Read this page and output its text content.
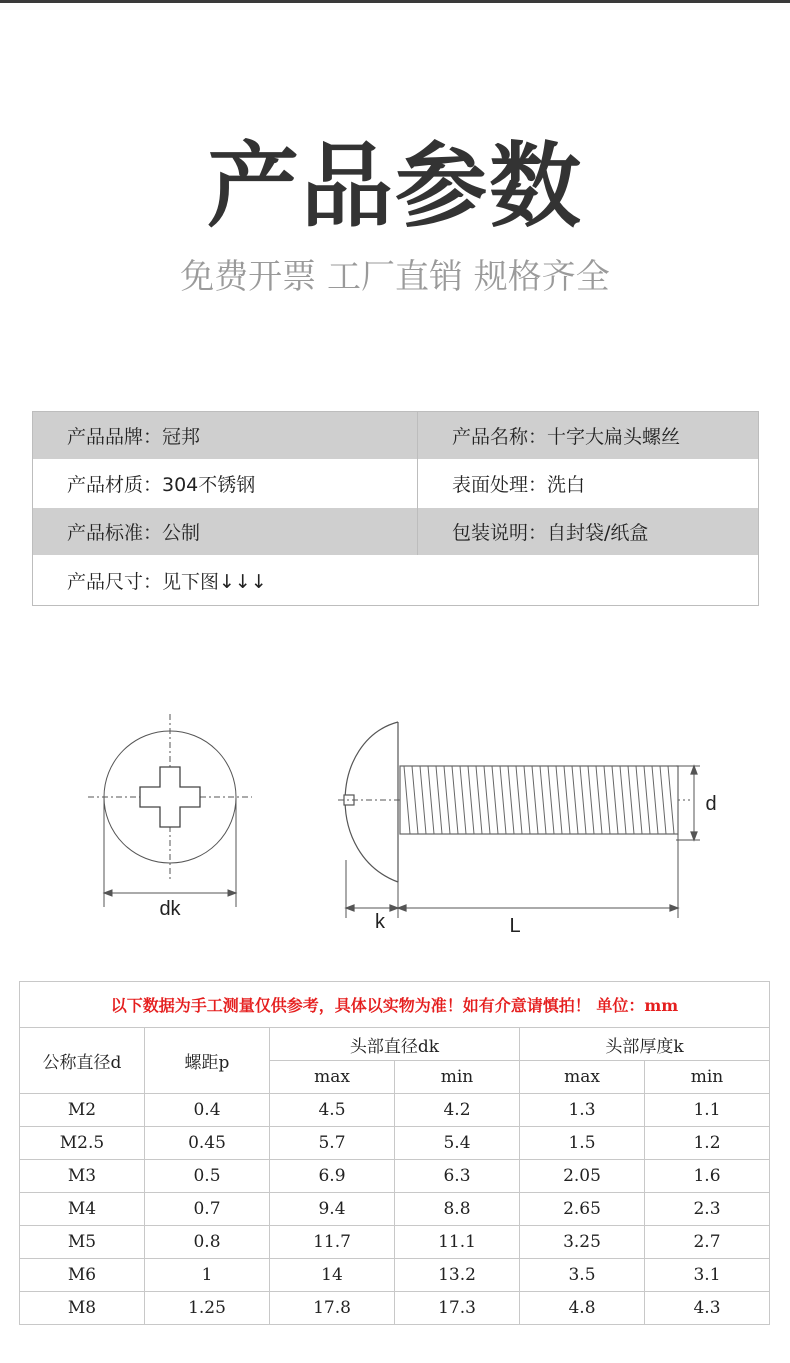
产品参数
免费开票 工厂直销 规格齐全
产品品牌：冠邦	产品名称：十字大扁头螺丝
产品材质：304不锈钢	表面处理：洗白
产品标准：公制	包装说明：自封袋/纸盒
产品尺寸：见下图↓↓↓	
dk
k	L
d
以下数据为手工测量仅供参考，具体以实物为准！如有介意请慎拍！ 单位：mm					
公称直径d	螺距p	头部直径dk		头部厚度k	
		max	min	max	min
M2	0.4	4.5	4.2	1.3	1.1
M2.5	0.45	5.7	5.4	1.5	1.2
M3	0.5	6.9	6.3	2.05	1.6
M4	0.7	9.4	8.8	2.65	2.3
M5	0.8	11.7	11.1	3.25	2.7
M6	1	14	13.2	3.5	3.1
M8	1.25	17.8	17.3	4.8	4.3
